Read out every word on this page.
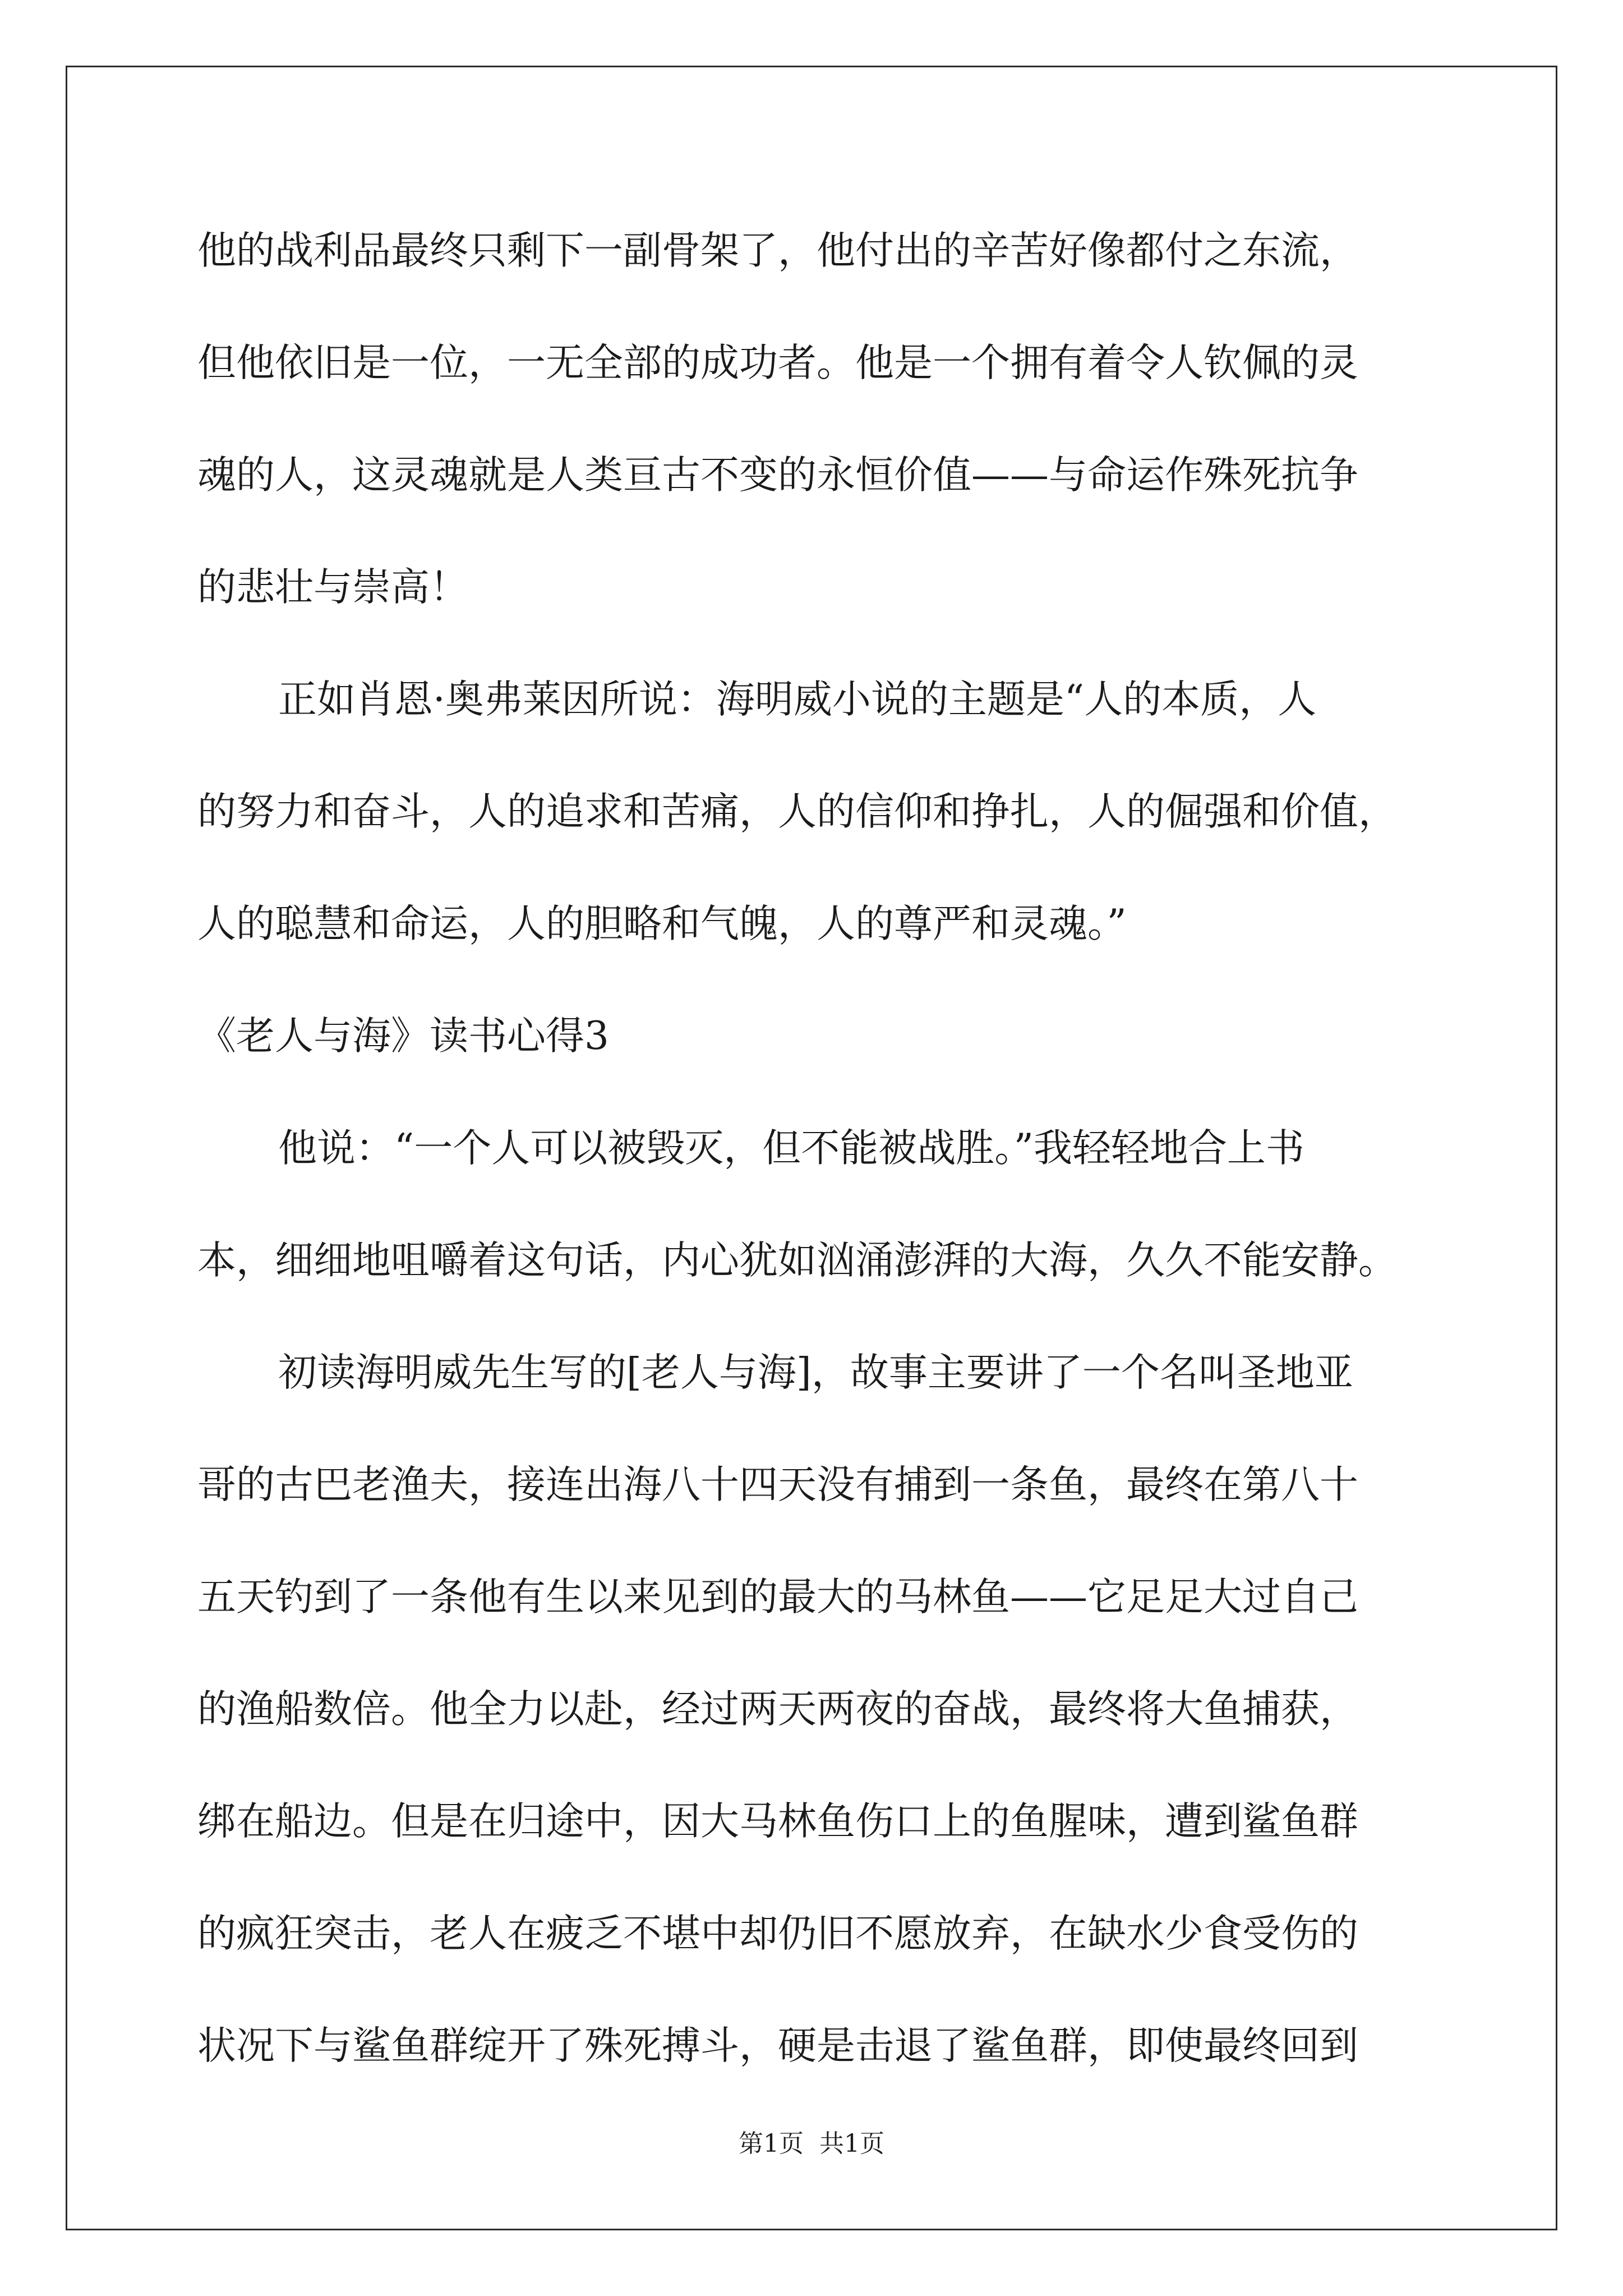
他的战利品最终只剩下一副骨架了，他付出的辛苦好像都付之东流，
但他依旧是一位，一无全部的成功者。他是一个拥有着令人钦佩的灵
魂的人，这灵魂就是人类亘古不变的永恒价值——与命运作殊死抗争
的悲壮与崇高！
正如肖恩·奥弗莱因所说：海明威小说的主题是“人的本质，人
的努力和奋斗，人的追求和苦痛，人的信仰和挣扎，人的倔强和价值，
人的聪慧和命运，人的胆略和气魄，人的尊严和灵魂。”
《老人与海》读书心得3
他说：“一个人可以被毁灭，但不能被战胜。”我轻轻地合上书
本，细细地咀嚼着这句话，内心犹如汹涌澎湃的大海，久久不能安静。
初读海明威先生写的[老人与海]，故事主要讲了一个名叫圣地亚
哥的古巴老渔夫，接连出海八十四天没有捕到一条鱼，最终在第八十
五天钓到了一条他有生以来见到的最大的马林鱼——它足足大过自己
的渔船数倍。他全力以赴，经过两天两夜的奋战，最终将大鱼捕获，
绑在船边。但是在归途中，因大马林鱼伤口上的鱼腥味，遭到鲨鱼群
的疯狂突击，老人在疲乏不堪中却仍旧不愿放弃，在缺水少食受伤的
状况下与鲨鱼群绽开了殊死搏斗，硬是击退了鲨鱼群，即使最终回到
第1页  共1页
